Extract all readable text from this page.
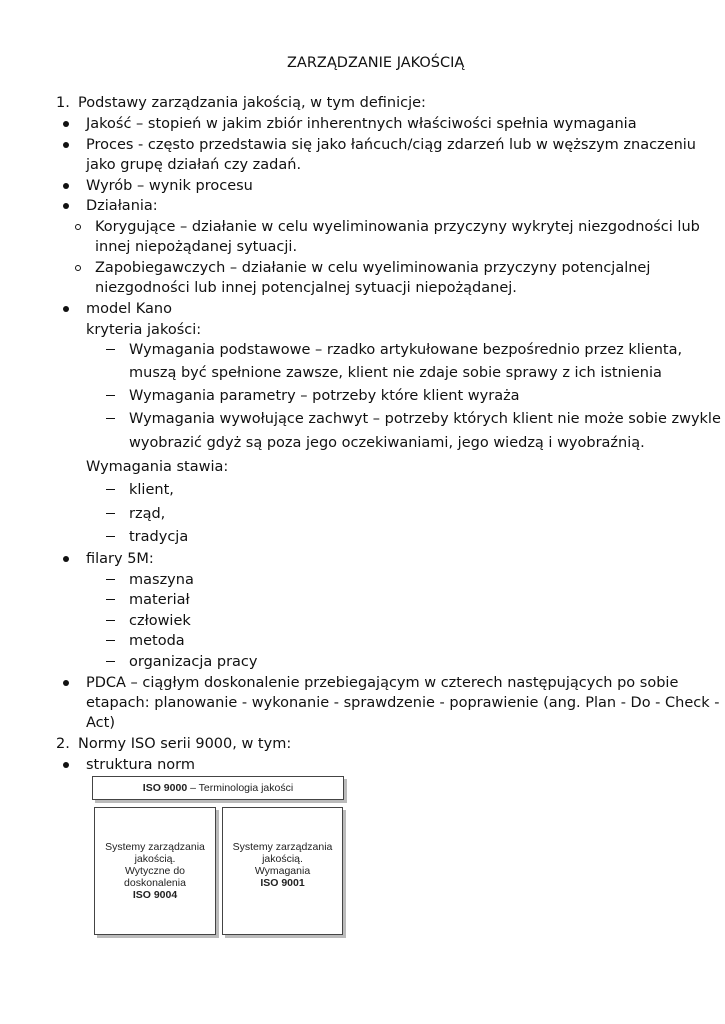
ZARZĄDZANIE JAKOŚCIĄ
1. Podstawy zarządzania jakością, w tym definicje:
Jakość – stopień w jakim zbiór inherentnych właściwości spełnia wymagania
Proces - często przedstawia się jako łańcuch/ciąg zdarzeń lub w węższym znaczeniu
jako grupę działań czy zadań.
Wyrób – wynik procesu
Działania:
Korygujące – działanie w celu wyeliminowania przyczyny wykrytej niezgodności lub
innej niepożądanej sytuacji.
Zapobiegawczych – działanie w celu wyeliminowania przyczyny potencjalnej
niezgodności lub innej potencjalnej sytuacji niepożądanej.
model Kano
kryteria jakości:
Wymagania podstawowe – rzadko artykułowane bezpośrednio przez klienta,
muszą być spełnione zawsze, klient nie zdaje sobie sprawy z ich istnienia
Wymagania parametry – potrzeby które klient wyraża
Wymagania wywołujące zachwyt – potrzeby których klient nie może sobie zwykle
wyobrazić gdyż są poza jego oczekiwaniami, jego wiedzą i wyobraźnią.
Wymagania stawia:
klient,
rząd,
tradycja
filary 5M:
maszyna
materiał
człowiek
metoda
organizacja pracy
PDCA – ciągłym doskonalenie przebiegającym w czterech następujących po sobie
etapach: planowanie - wykonanie - sprawdzenie - poprawienie (ang. Plan - Do - Check -
Act)
2. Normy ISO serii 9000, w tym:
struktura norm
ISO 9000 – Terminologia jakości
Systemy zarządzania
jakością.
Wytyczne do
doskonalenia
ISO 9004
Systemy zarządzania
jakością.
Wymagania
ISO 9001
